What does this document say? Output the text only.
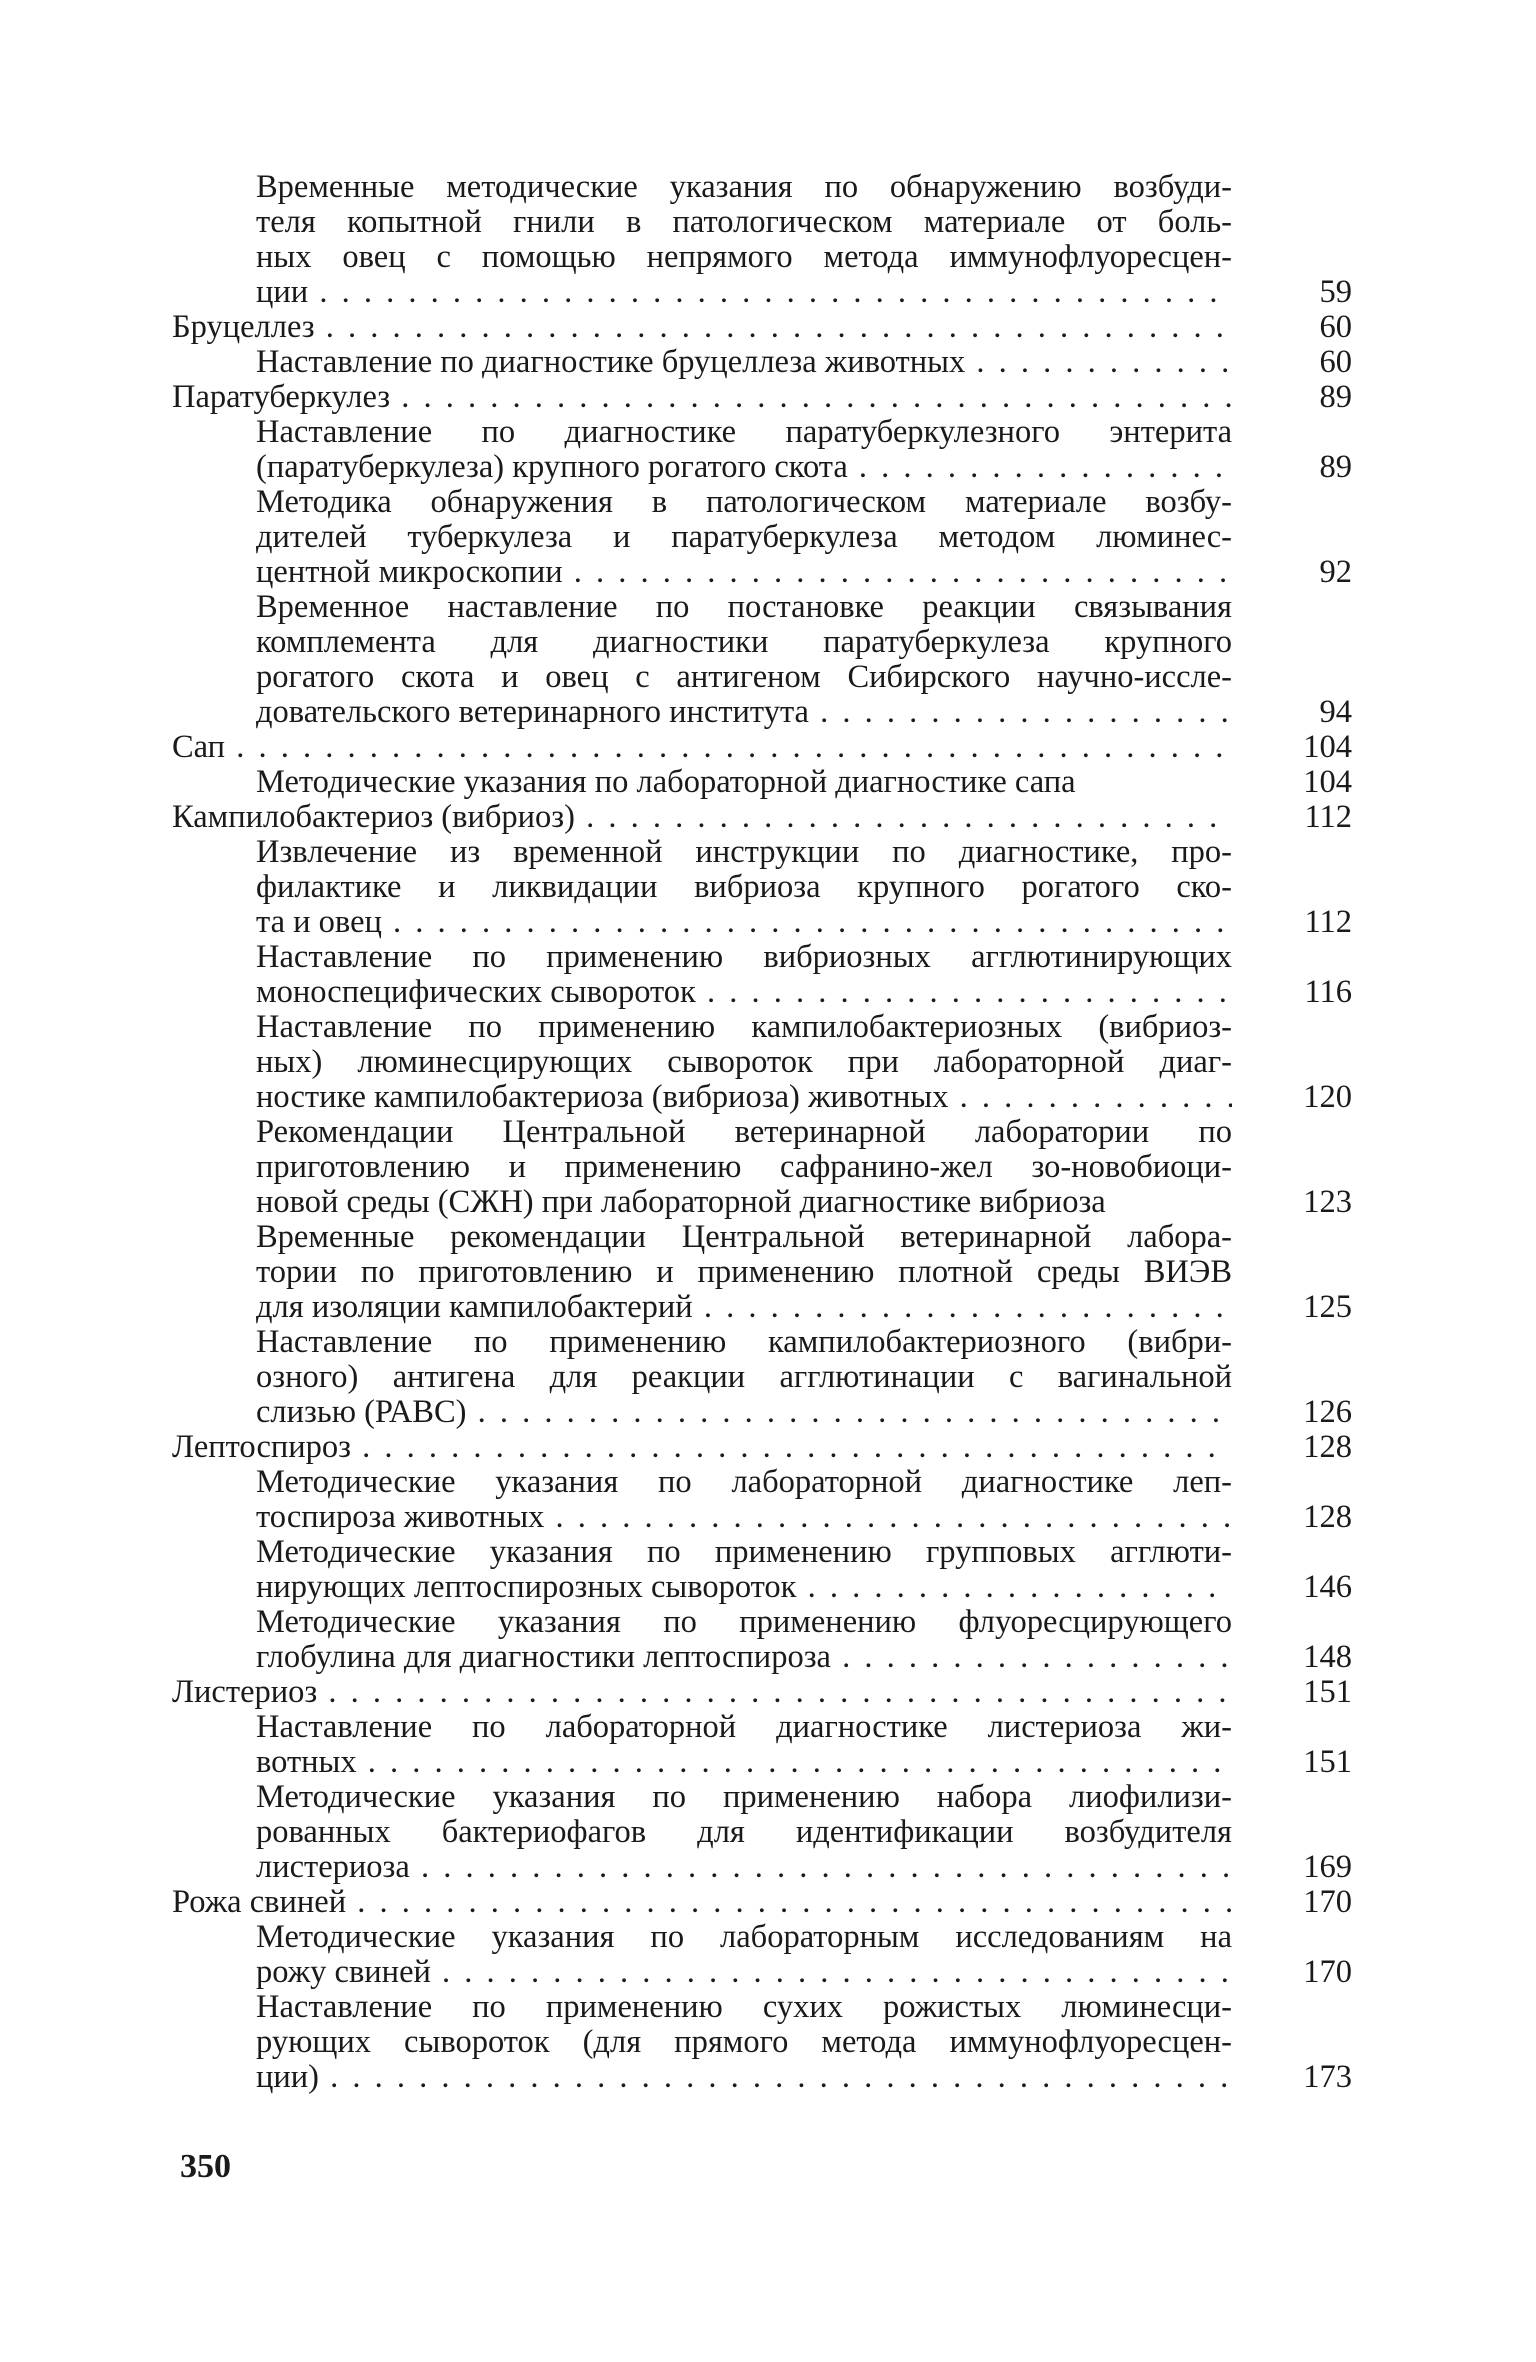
Временные методические указания по обнаружению возбуди-
теля копытной гнили в патологическом материале от боль-
ных овец с помощью непрямого метода иммунофлуоресцен-
ции . . .	59
Бруцеллез . . .	60
Наставление по диагностике бруцеллеза животных . . .	60
Паратуберкулез . . .	89
Наставление по диагностике паратуберкулезного энтерита
(паратуберкулеза) крупного рогатого скота . . .	89
Методика обнаружения в патологическом материале возбу-
дителей туберкулеза и паратуберкулеза методом люминес-
центной микроскопии . . .	92
Временное наставление по постановке реакции связывания
комплемента для диагностики паратуберкулеза крупного
рогатого скота и овец с антигеном Сибирского научно-иссле-
довательского ветеринарного института . . .	94
Сап . . .	104
Методические указания по лабораторной диагностике сапа	104
Кампилобактериоз (вибриоз) . . .	112
Извлечение из временной инструкции по диагностике, про-
филактике и ликвидации вибриоза крупного рогатого ско-
та и овец . . .	112
Наставление по применению вибриозных агглютинирующих
моноспецифических сывороток . . .	116
Наставление по применению кампилобактериозных (вибриоз-
ных) люминесцирующих сывороток при лабораторной диаг-
ностике кампилобактериоза (вибриоза) животных . . .	120
Рекомендации Центральной ветеринарной лаборатории по
приготовлению и применению сафранино-жел зо-новобиоци-
новой среды (СЖН) при лабораторной диагностике вибриоза	123
Временные рекомендации Центральной ветеринарной лабора-
тории по приготовлению и применению плотной среды ВИЭВ
для изоляции кампилобактерий . . .	125
Наставление по применению кампилобактериозного (вибри-
озного) антигена для реакции агглютинации с вагинальной
слизью (РАВС) . . .	126
Лептоспироз . . .	128
Методические указания по лабораторной диагностике леп-
тоспироза животных . . .	128
Методические указания по применению групповых агглюти-
нирующих лептоспирозных сывороток . . .	146
Методические указания по применению флуоресцирующего
глобулина для диагностики лептоспироза . . .	148
Листериоз . . .	151
Наставление по лабораторной диагностике листериоза жи-
вотных . . .	151
Методические указания по применению набора лиофилизи-
рованных бактериофагов для идентификации возбудителя
листериоза . . .	169
Рожа свиней . . .	170
Методические указания по лабораторным исследованиям на
рожу свиней . . .	170
Наставление по применению сухих рожистых люминесци-
рующих сывороток (для прямого метода иммунофлуоресцен-
ции) . . .	173
350
